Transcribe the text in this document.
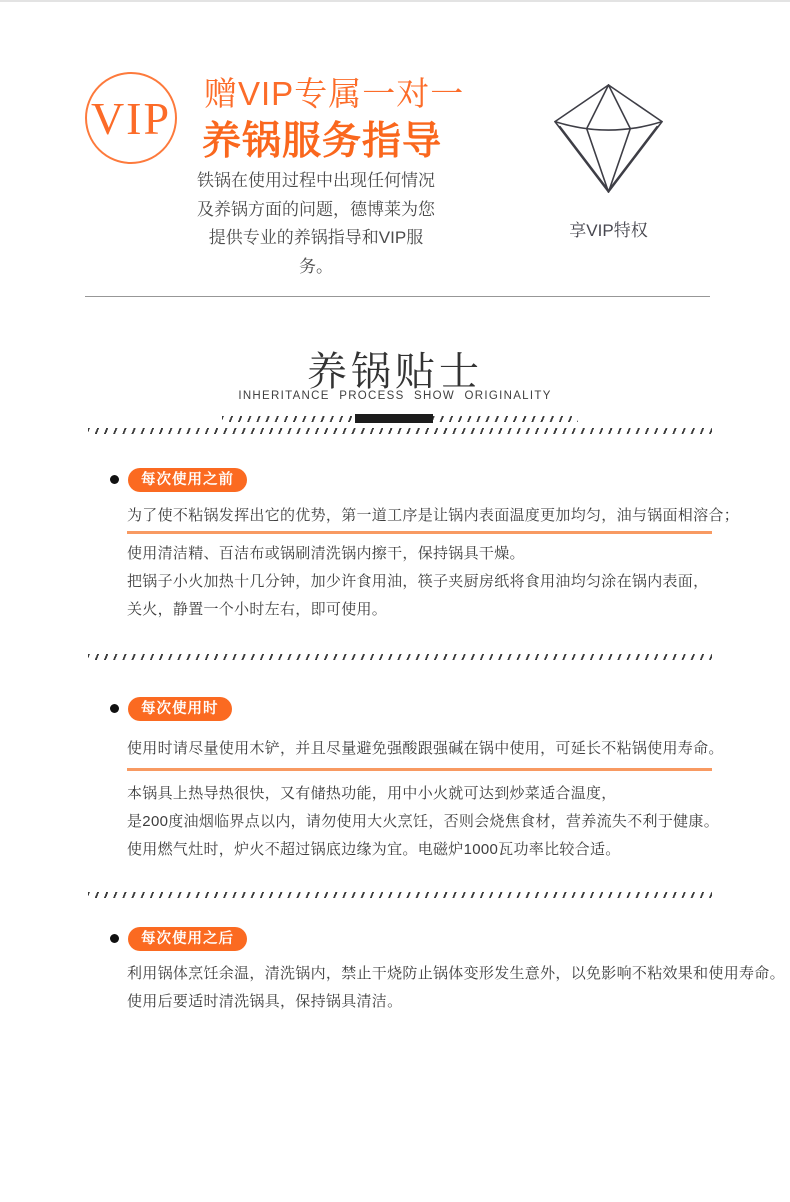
VIP 赠VIP专属一对一
养锅服务指导
铁锅在使用过程中出现任何情况
及养锅方面的问题，德博莱为您
提供专业的养锅指导和VIP服务。
享VIP特权
养锅贴士
INHERITANCE PROCESS SHOW ORIGINALITY
每次使用之前
为了使不粘锅发挥出它的优势，第一道工序是让锅内表面温度更加均匀，油与锅面相溶合；
使用清洁精、百洁布或锅刷清洗锅内擦干，保持锅具干燥。
把锅子小火加热十几分钟，加少许食用油，筷子夹厨房纸将食用油均匀涂在锅内表面，
关火，静置一个小时左右，即可使用。
每次使用时
使用时请尽量使用木铲，并且尽量避免强酸跟强碱在锅中使用，可延长不粘锅使用寿命。
本锅具上热导热很快，又有储热功能，用中小火就可达到炒菜适合温度，
是200度油烟临界点以内，请勿使用大火烹饪，否则会烧焦食材，营养流失不利于健康。
使用燃气灶时，炉火不超过锅底边缘为宜。电磁炉1000瓦功率比较合适。
每次使用之后
利用锅体烹饪余温，清洗锅内，禁止干烧防止锅体变形发生意外，以免影响不粘效果和使用寿命。
使用后要适时清洗锅具，保持锅具清洁。
